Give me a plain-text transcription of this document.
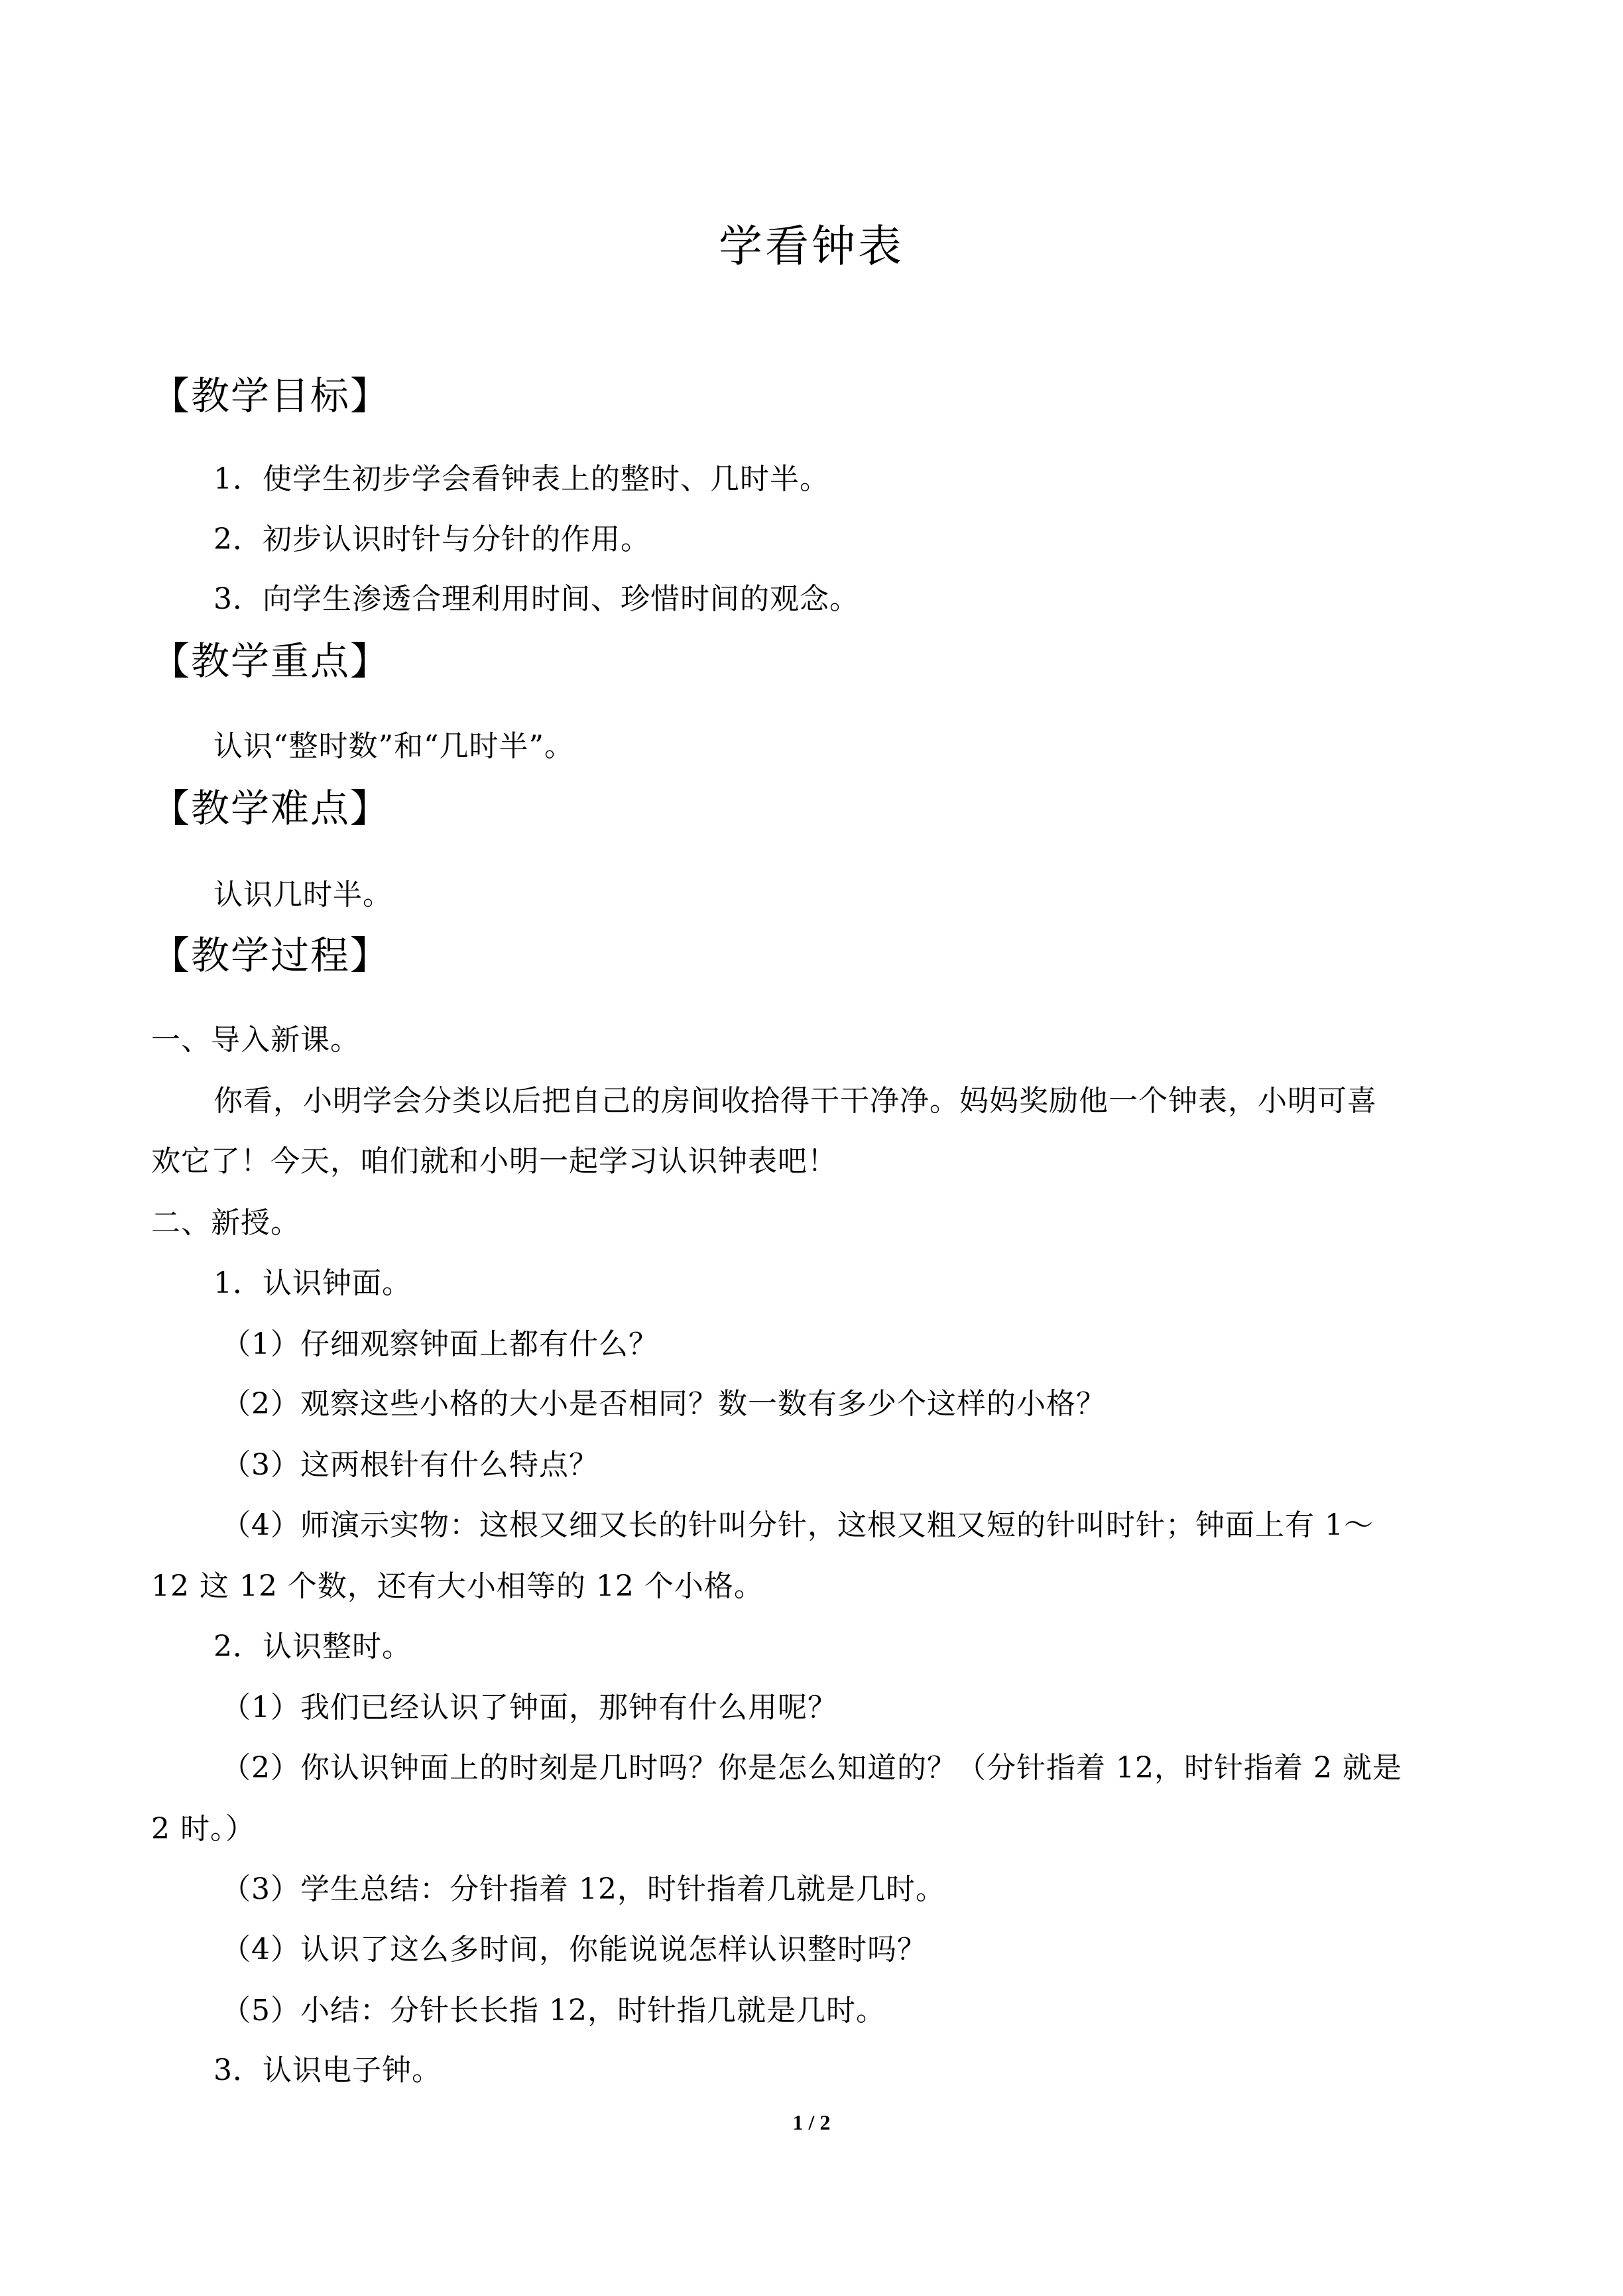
学看钟表
【教学目标】
1．使学生初步学会看钟表上的整时、几时半。
2．初步认识时针与分针的作用。
3．向学生渗透合理利用时间、珍惜时间的观念。
【教学重点】
认识“整时数”和“几时半”。
【教学难点】
认识几时半。
【教学过程】
一、导入新课。
你看，小明学会分类以后把自己的房间收拾得干干净净。妈妈奖励他一个钟表，小明可喜
欢它了！今天，咱们就和小明一起学习认识钟表吧！
二、新授。
1．认识钟面。
（1）仔细观察钟面上都有什么？
（2）观察这些小格的大小是否相同？数一数有多少个这样的小格？
（3）这两根针有什么特点？
（4）师演示实物：这根又细又长的针叫分针，这根又粗又短的针叫时针；钟面上有 1～
12 这 12 个数，还有大小相等的 12 个小格。
2．认识整时。
（1）我们已经认识了钟面，那钟有什么用呢？
（2）你认识钟面上的时刻是几时吗？你是怎么知道的？（分针指着 12，时针指着 2 就是
2 时。）
（3）学生总结：分针指着 12，时针指着几就是几时。
（4）认识了这么多时间，你能说说怎样认识整时吗？
（5）小结：分针长长指 12，时针指几就是几时。
3．认识电子钟。
1 / 2
